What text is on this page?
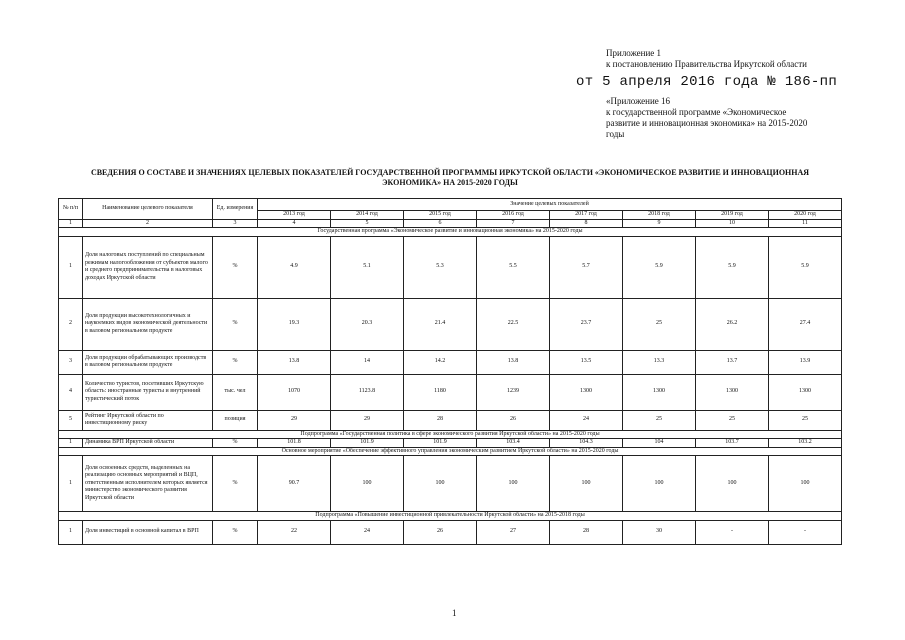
Приложение 1
к постановлению Правительства Иркутской области
от 5 апреля 2016 года № 186-пп
«Приложение 16
к государственной программе «Экономическое
развитие и инновационная экономика» на 2015-2020
годы
СВЕДЕНИЯ О СОСТАВЕ И ЗНАЧЕНИЯХ ЦЕЛЕВЫХ ПОКАЗАТЕЛЕЙ ГОСУДАРСТВЕННОЙ ПРОГРАММЫ ИРКУТСКОЙ ОБЛАСТИ «ЭКОНОМИЧЕСКОЕ РАЗВИТИЕ И ИННОВАЦИОННАЯ
ЭКОНОМИКА» НА 2015-2020 ГОДЫ
№ п/п	Наименование целевого показателя	Ед. измерения	Значение целевых показателей							
			2013 год	2014 год	2015 год	2016 год	2017 год	2018 год	2019 год	2020 год
1	2	3	4	5	6	7	8	9	10	11
Государственная программа «Экономическое развитие и инновационная экономика» на 2015-2020 годы										
1	Доля налоговых поступлений по специальным режимам налогообложения от субъектов малого и среднего предпринимательства в налоговых доходах Иркутской области	%	4.9	5.1	5.3	5.5	5.7	5.9	5.9	5.9
2	Доля продукции высокотехнологичных и наукоемких видов экономической деятельности в валовом региональном продукте	%	19.3	20.3	21.4	22.5	23.7	25	26.2	27.4
3	Доля продукции обрабатывающих производств в валовом региональном продукте	%	13.8	14	14.2	13.8	13.5	13.3	13.7	13.9
4	Количество туристов, посетивших Иркутскую область: иностранные туристы и внутренний туристический поток	тыс. чел	1070	1123.8	1180	1239	1300	1300	1300	1300
5	Рейтинг Иркутской области по инвестиционному риску	позиция	29	29	28	26	24	25	25	25
Подпрограмма «Государственная политика в сфере экономического развития Иркутской области» на 2015-2020 годы										
1	Динамика ВРП Иркутской области	%	101.8	101.9	101.9	103.4	104.3	104	103.7	103.2
Основное мероприятие «Обеспечение эффективного управления экономическим развитием Иркутской области» на 2015-2020 годы										
1	Доля освоенных средств, выделенных на реализацию основных мероприятий и ВЦП, ответственным исполнителем которых является министерство экономического развития Иркутской области	%	90.7	100	100	100	100	100	100	100
Подпрограмма «Повышение инвестиционной привлекательности Иркутской области» на 2015-2018 годы										
1	Доля инвестиций в основной капитал в ВРП	%	22	24	26	27	28	30	-	-
1
